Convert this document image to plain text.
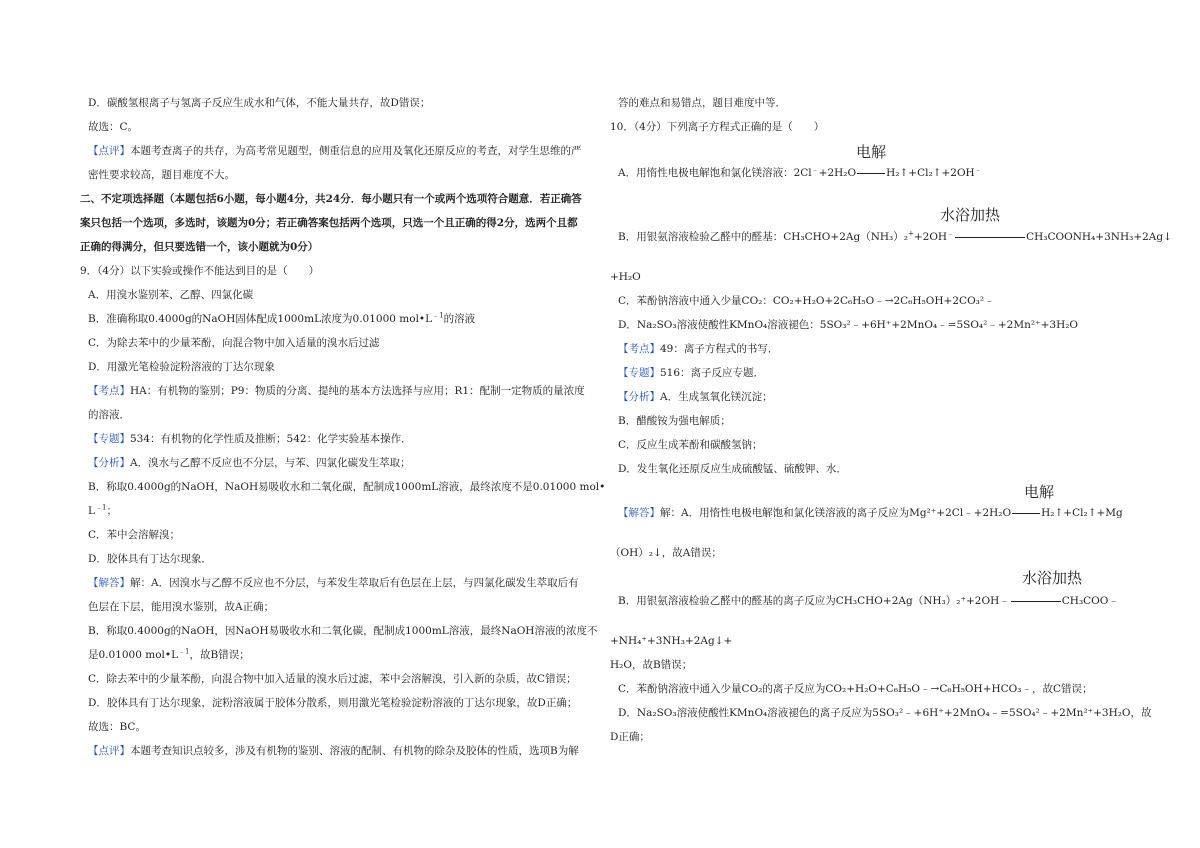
D．碳酸氢根离子与氢离子反应生成水和气体，不能大量共存，故D错误；
故选：C。
【点评】本题考查离子的共存，为高考常见题型，侧重信息的应用及氧化还原反应的考查，对学生思维的严
密性要求较高，题目难度不大。
二、不定项选择题（本题包括6小题，每小题4分，共24分．每小题只有一个或两个选项符合题意．若正确答
案只包括一个选项，多选时，该题为0分；若正确答案包括两个选项，只选一个且正确的得2分，选两个且都
正确的得满分，但只要选错一个，该小题就为0分）
9．（4分）以下实验或操作不能达到目的是（　　）
A．用溴水鉴别苯、乙醇、四氯化碳
B．准确称取0.4000g的NaOH固体配成1000mL浓度为0.01000 $mol•L^{﹣1}$的溶液
C．为除去苯中的少量苯酚，向混合物中加入适量的溴水后过滤
D．用激光笔检验淀粉溶液的丁达尔现象
【考点】HA：有机物的鉴别；P9：物质的分离、提纯的基本方法选择与应用；R1：配制一定物质的量浓度
的溶液．
【专题】534：有机物的化学性质及推断；542：化学实验基本操作．
【分析】A．溴水与乙醇不反应也不分层，与苯、四氯化碳发生萃取；
B．称取0.4000g的NaOH，NaOH易吸收水和二氧化碳，配制成1000mL溶液，最终浓度不是0.01000 mol•
$L^{﹣1}$；
C．苯中会溶解溴；
D．胶体具有丁达尔现象．
【解答】解：A．因溴水与乙醇不反应也不分层，与苯发生萃取后有色层在上层，与四氯化碳发生萃取后有
色层在下层，能用溴水鉴别，故A正确；
B．称取0.4000g的NaOH，因NaOH易吸收水和二氧化碳，配制成1000mL溶液，最终NaOH溶液的浓度不
是0.01000 $mol•L^{﹣1}$，故B错误；
C．除去苯中的少量苯酚，向混合物中加入适量的溴水后过滤，苯中会溶解溴，引入新的杂质，故C错误；
D．胶体具有丁达尔现象，淀粉溶液属于胶体分散系，则用激光笔检验淀粉溶液的丁达尔现象，故D正确；
故选：BC。
【点评】本题考查知识点较多，涉及有机物的鉴别、溶液的配制、有机物的除杂及胶体的性质，选项B为解
答的难点和易错点，题目难度中等．
10．（4分）下列离子方程式正确的是（　　）
电解
A．用惰性电极电解饱和氯化镁溶液：2Cl﹣+2H₂O	H₂↑+Cl₂↑+2OH﹣
水浴加热
B．用银氨溶液检验乙醛中的醛基：CH₃CHO+2Ag（NH₃）₂++2OH﹣	CH₃COONH₄+3NH₃+2Ag↓
+H₂O
C．苯酚钠溶液中通入少量CO₂：CO₂+H₂O+2C₆H₅O﹣→2C₆H₅OH+2CO₃²﹣
D．Na₂SO₃溶液使酸性KMnO₄溶液褪色：5SO₃²﹣+6H⁺+2MnO₄﹣=5SO₄²﹣+2Mn²⁺+3H₂O
【考点】49：离子方程式的书写．
【专题】516：离子反应专题．
【分析】A．生成氢氧化镁沉淀；
B．醋酸铵为强电解质；
C．反应生成苯酚和碳酸氢钠；
D．发生氧化还原反应生成硫酸锰、硫酸钾、水．
电解
【解答】解：A．用惰性电极电解饱和氯化镁溶液的离子反应为Mg²⁺+2Cl﹣+2H₂O	H₂↑+Cl₂↑+Mg
（OH）₂↓，故A错误；
水浴加热
B．用银氨溶液检验乙醛中的醛基的离子反应为CH₃CHO+2Ag（NH₃）₂⁺+2OH﹣	CH₃COO﹣
+NH₄⁺+3NH₃+2Ag↓+
H₂O，故B错误；
C．苯酚钠溶液中通入少量CO₂的离子反应为CO₂+H₂O+C₆H₅O﹣→C₆H₅OH+HCO₃﹣，故C错误；
D．Na₂SO₃溶液使酸性KMnO₄溶液褪色的离子反应为5SO₃²﹣+6H⁺+2MnO₄﹣=5SO₄²﹣+2Mn²⁺+3H₂O，故
D正确；
